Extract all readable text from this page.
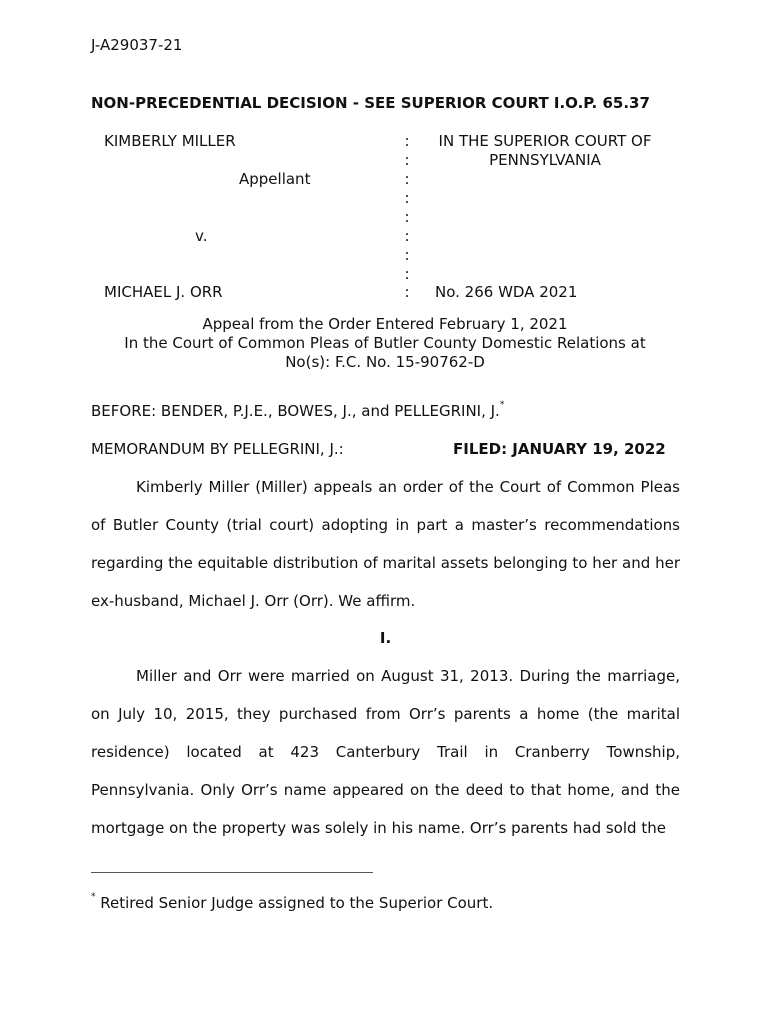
J-A29037-21
NON-PRECEDENTIAL DECISION - SEE SUPERIOR COURT I.O.P. 65.37
KIMBERLY MILLER
Appellant
v.
MICHAEL J. ORR
:
:
:
:
:
:
:
:
:
IN THE SUPERIOR COURT OF
PENNSYLVANIA
No. 266 WDA 2021
Appeal from the Order Entered February 1, 2021
In the Court of Common Pleas of Butler County Domestic Relations at
No(s): F.C. No. 15-90762-D
BEFORE: BENDER, P.J.E., BOWES, J., and PELLEGRINI, J.*
MEMORANDUM BY PELLEGRINI, J.:	FILED: JANUARY 19, 2022
Kimberly Miller (Miller) appeals an order of the Court of Common Pleas of Butler County (trial court) adopting in part a master’s recommendations regarding the equitable distribution of marital assets belonging to her and her ex-husband, Michael J. Orr (Orr). We affirm.
I.
Miller and Orr were married on August 31, 2013. During the marriage, on July 10, 2015, they purchased from Orr’s parents a home (the marital residence) located at 423 Canterbury Trail in Cranberry Township, Pennsylvania. Only Orr’s name appeared on the deed to that home, and the mortgage on the property was solely in his name. Orr’s parents had sold the
* Retired Senior Judge assigned to the Superior Court.
